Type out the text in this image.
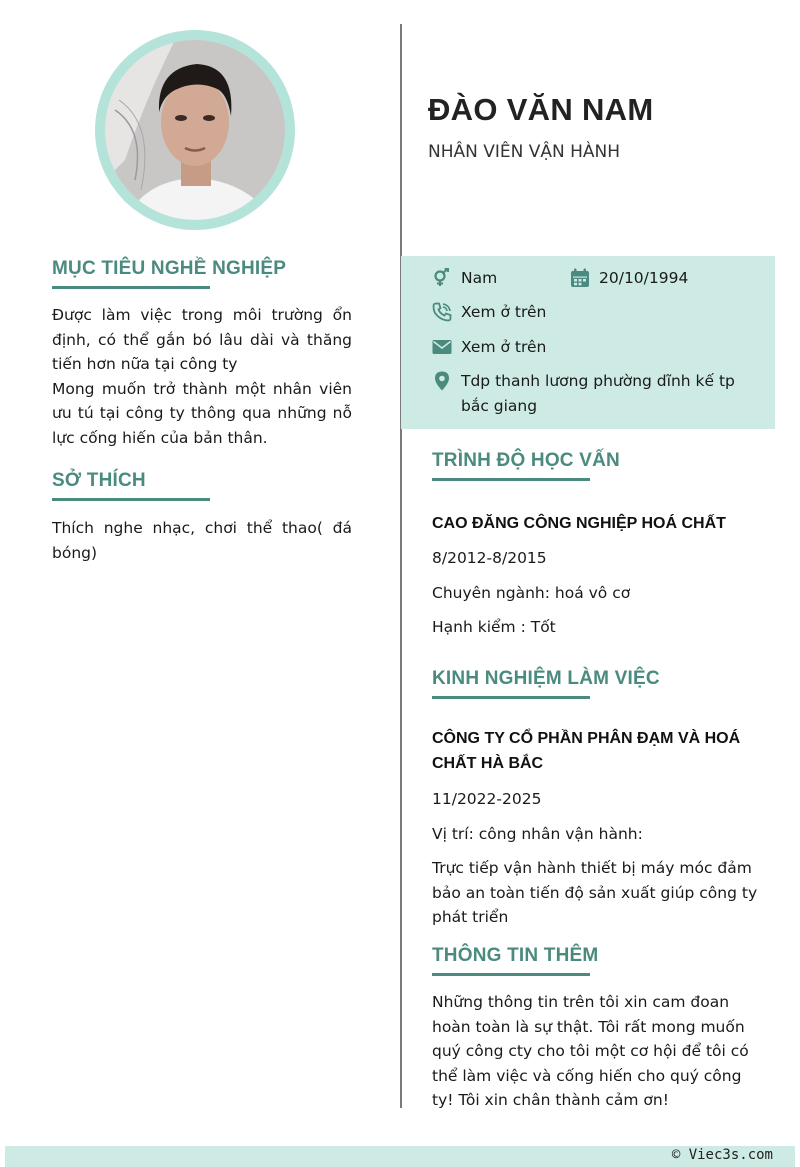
ĐÀO VĂN NAM
NHÂN VIÊN VẬN HÀNH
MỤC TIÊU NGHỀ NGHIỆP
Được làm việc trong môi trường ổn định, có thể gắn bó lâu dài và thăng tiến hơn nữa tại công ty
Mong muốn trở thành một nhân viên ưu tú tại công ty thông qua những nỗ lực cống hiến của bản thân.
SỞ THÍCH
Thích nghe nhạc, chơi thể thao( đá bóng)
Nam	20/10/1994
Xem ở trên
Xem ở trên
Tdp thanh lương phường dĩnh kế tp bắc giang
TRÌNH ĐỘ HỌC VẤN
CAO ĐĂNG CÔNG NGHIỆP HOÁ CHẤT
8/2012-8/2015
Chuyên ngành: hoá vô cơ
Hạnh kiểm : Tốt
KINH NGHIỆM LÀM VIỆC
CÔNG TY CỔ PHẦN PHÂN ĐẠM VÀ HOÁ CHẤT HÀ BẮC
11/2022-2025
Vị trí: công nhân vận hành:
Trực tiếp vận hành thiết bị máy móc đảm bảo an toàn tiến độ sản xuất giúp công ty phát triển
THÔNG TIN THÊM
Những thông tin trên tôi xin cam đoan hoàn toàn là sự thật. Tôi rất mong muốn quý công cty cho tôi một cơ hội để tôi có thể làm việc và cống hiến cho quý công ty! Tôi xin chân thành cảm ơn!
© Viec3s.com
